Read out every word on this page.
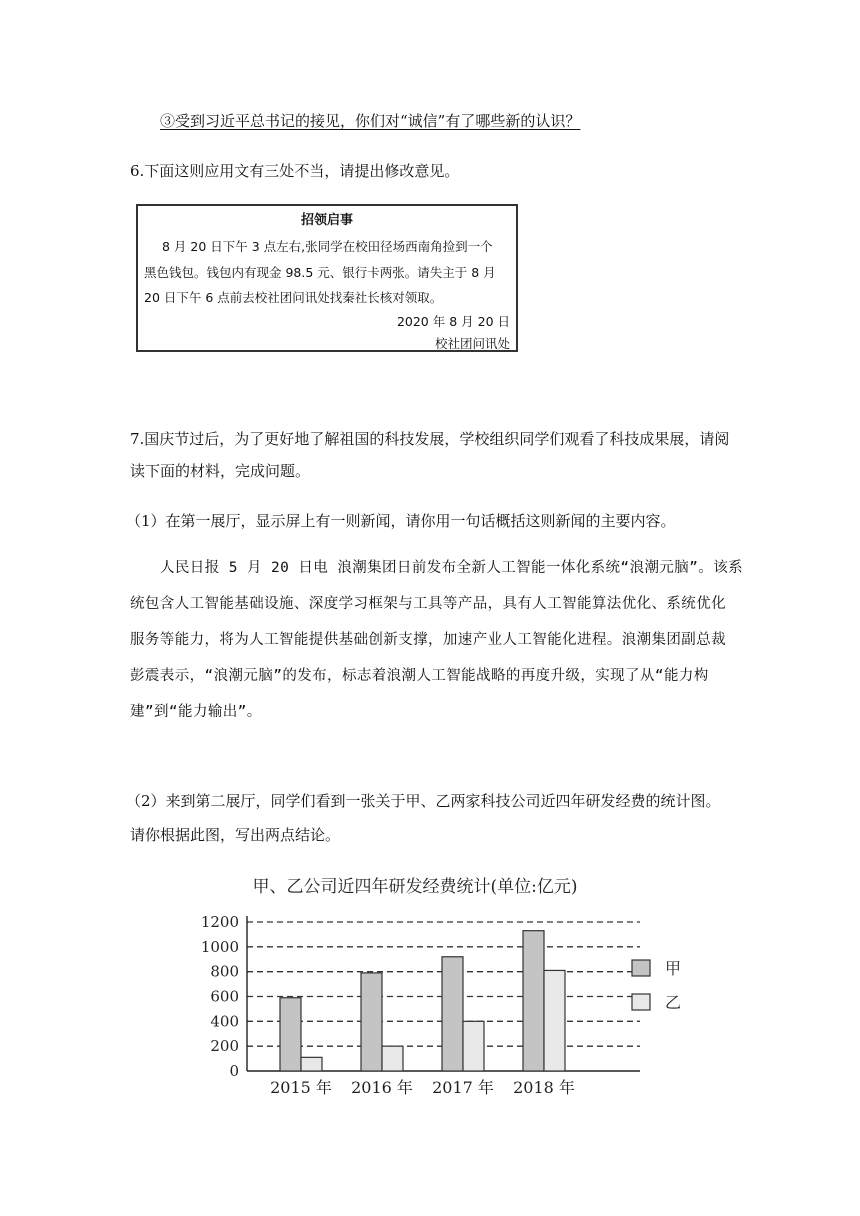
③受到习近平总书记的接见，你们对“诚信”有了哪些新的认识？
6.下面这则应用文有三处不当，请提出修改意见。
招领启事
8 月 20 日下午 3 点左右,张同学在校田径场西南角捡到一个
黑色钱包。钱包内有现金 98.5 元、银行卡两张。请失主于 8 月
20 日下午 6 点前去校社团问讯处找秦社长核对领取。
2020 年 8 月 20 日
校社团问讯处
7.国庆节过后，为了更好地了解祖国的科技发展，学校组织同学们观看了科技成果展，请阅
读下面的材料，完成问题。
（1）在第一展厅，显示屏上有一则新闻，请你用一句话概括这则新闻的主要内容。
人民日报 5 月 20 日电 浪潮集团日前发布全新人工智能一体化系统“浪潮元脑”。该系
统包含人工智能基础设施、深度学习框架与工具等产品，具有人工智能算法优化、系统优化
服务等能力，将为人工智能提供基础创新支撑，加速产业人工智能化进程。浪潮集团副总裁
彭震表示，“浪潮元脑”的发布，标志着浪潮人工智能战略的再度升级，实现了从“能力构
建”到“能力输出”。
（2）来到第二展厅，同学们看到一张关于甲、乙两家科技公司近四年研发经费的统计图。
请你根据此图，写出两点结论。
甲、乙公司近四年研发经费统计(单位:亿元)
0
200
400
600
800
1000
1200
2015 年 2016 年 2017 年 2018 年
甲
乙
